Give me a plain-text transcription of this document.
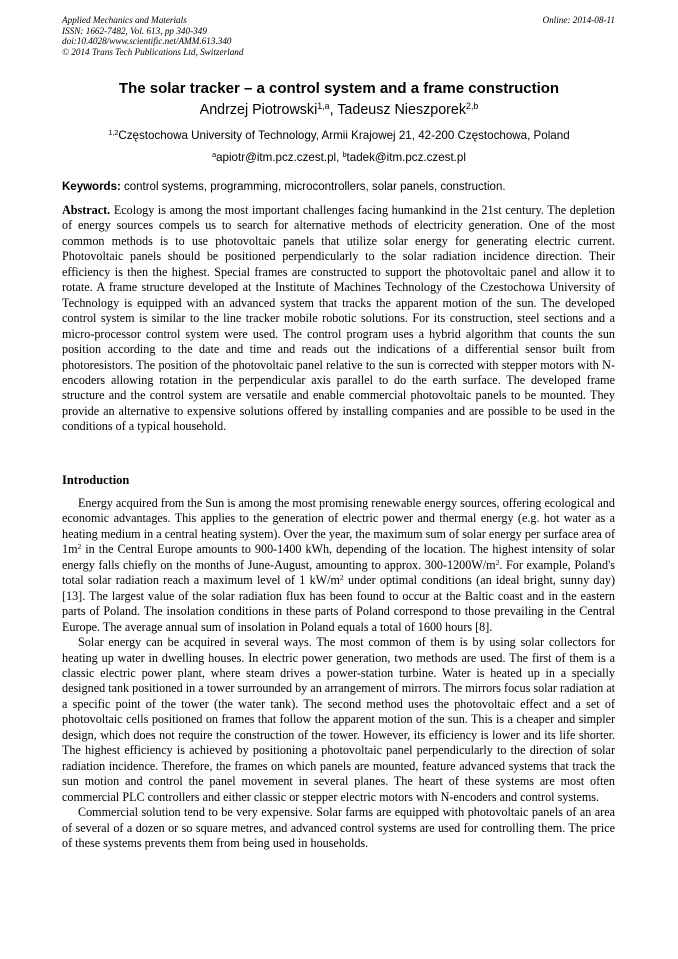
Applied Mechanics and Materials
ISSN: 1662-7482, Vol. 613, pp 340-349
doi:10.4028/www.scientific.net/AMM.613.340
© 2014 Trans Tech Publications Ltd, Switzerland
Online: 2014-08-11
The solar tracker – a control system and a frame construction
Andrzej Piotrowski$^{1,a}$, Tadeusz Nieszporek$^{2,b}$
$^{1,2}$Częstochowa University of Technology, Armii Krajowej 21, 42-200 Częstochowa, Poland
$^a$apiotr@itm.pcz.czest.pl, $^b$tadek@itm.pcz.czest.pl
Keywords: control systems, programming, microcontrollers, solar panels, construction.

Abstract. Ecology is among the most important challenges facing humankind in the 21st century. The depletion of energy sources compels us to search for alternative methods of electricity generation. One of the most common methods is to use photovoltaic panels that utilize solar energy for generating electric current. Photovoltaic panels should be positioned perpendicularly to the solar radiation incidence direction. Their efficiency is then the highest. Special frames are constructed to support the photovoltaic panel and allow it to rotate. A frame structure developed at the Institute of Machines Technology of the Czestochowa University of Technology is equipped with an advanced system that tracks the apparent motion of the sun. The developed control system is similar to the line tracker mobile robotic solutions. For its construction, steel sections and a micro-processor control system were used. The control program uses a hybrid algorithm that counts the sun position according to the date and time and reads out the indications of a differential sensor built from photoresistors. The position of the photovoltaic panel relative to the sun is corrected with stepper motors with N-encoders allowing rotation in the perpendicular axis parallel to do the earth surface. The developed frame structure and the control system are versatile and enable commercial photovoltaic panels to be mounted. They provide an alternative to expensive solutions offered by installing companies and are possible to be used in the conditions of a typical household.

Introduction

Energy acquired from the Sun is among the most promising renewable energy sources, offering ecological and economic advantages. This applies to the generation of electric power and thermal energy (e.g. hot water as a heating medium in a central heating system). Over the year, the maximum sum of solar energy per surface area of $1m^2$ in the Central Europe amounts to 900-1400 kWh, depending of the location. The highest intensity of solar energy falls chiefly on the months of June-August, amounting to approx. $300-1200W/m^2$. For example, Poland's total solar radiation reach a maximum level of 1 $kW/m^2$ under optimal conditions (an ideal bright, sunny day) [13]. The largest value of the solar radiation flux has been found to occur at the Baltic coast and in the eastern parts of Poland. The insolation conditions in these parts of Poland correspond to those prevailing in the Central Europe. The average annual sum of insolation in Poland equals a total of 1600 hours [8].

Solar energy can be acquired in several ways. The most common of them is by using solar collectors for heating up water in dwelling houses. In electric power generation, two methods are used. The first of them is a classic electric power plant, where steam drives a power-station turbine. Water is heated up in a specially designed tank positioned in a tower surrounded by an arrangement of mirrors. The mirrors focus solar radiation at a specific point of the tower (the water tank). The second method uses the photovoltaic effect and a set of photovoltaic cells positioned on frames that follow the apparent motion of the sun. This is a cheaper and simpler design, which does not require the construction of the tower. However, its efficiency is lower and its life shorter. The highest efficiency is achieved by positioning a photovoltaic panel perpendicularly to the direction of solar radiation incidence. Therefore, the frames on which panels are mounted, feature advanced systems that track the sun motion and control the panel movement in several planes. The heart of these systems are most often commercial PLC controllers and either classic or stepper electric motors with N-encoders and control systems.

Commercial solution tend to be very expensive. Solar farms are equipped with photovoltaic panels of an area of several of a dozen or so square metres, and advanced control systems are used for controlling them. The price of these systems prevents them from being used in households.
